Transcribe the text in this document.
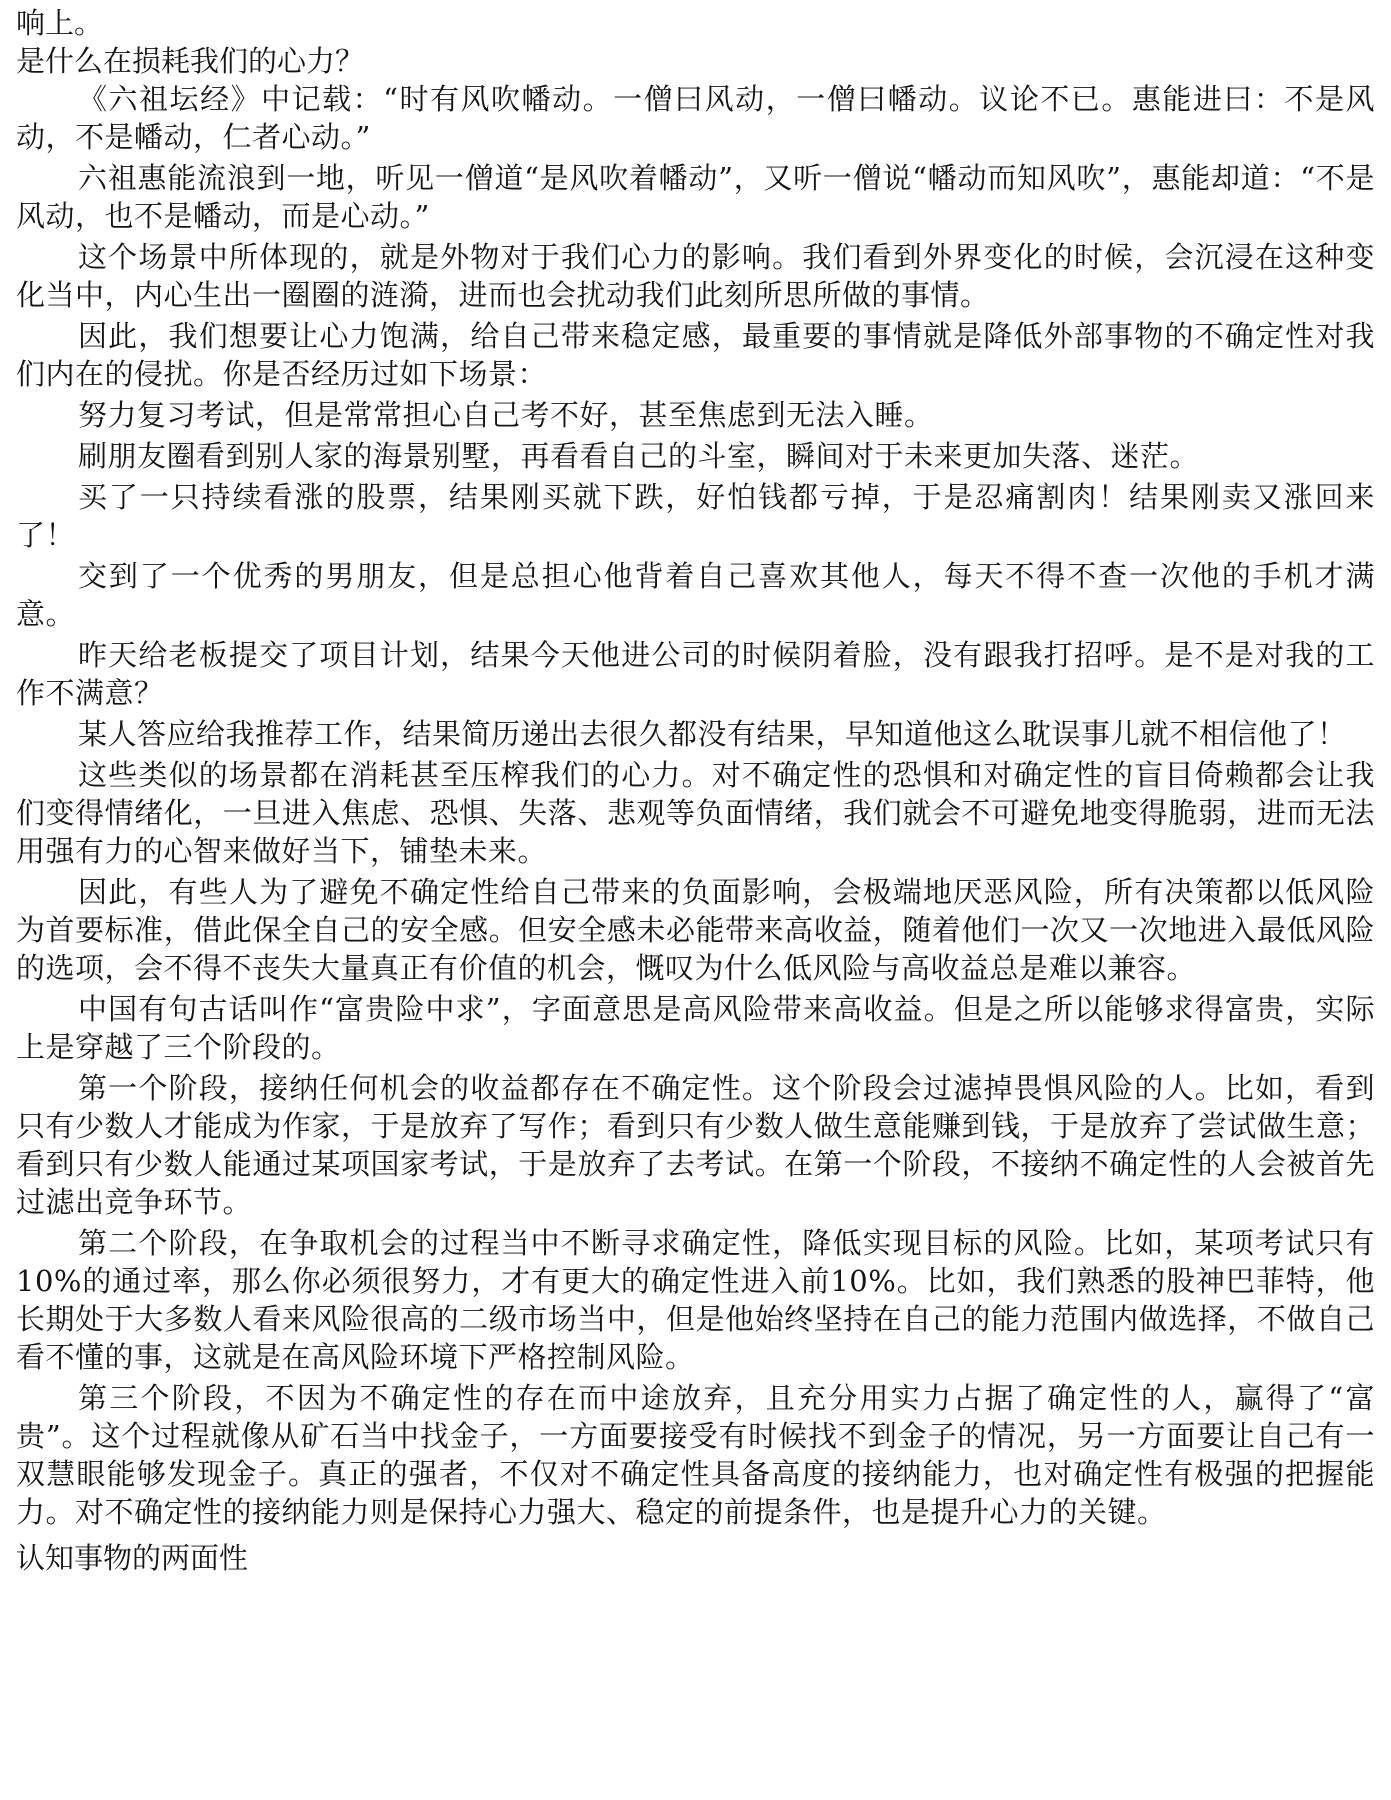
响上。

是什么在损耗我们的心力？

《六祖坛经》中记载：“时有风吹幡动。一僧曰风动，一僧曰幡动。议论不已。惠能进曰：不是风动，不是幡动，仁者心动。”

六祖惠能流浪到一地，听见一僧道“是风吹着幡动”，又听一僧说“幡动而知风吹”，惠能却道：“不是风动，也不是幡动，而是心动。”

这个场景中所体现的，就是外物对于我们心力的影响。我们看到外界变化的时候，会沉浸在这种变化当中，内心生出一圈圈的涟漪，进而也会扰动我们此刻所思所做的事情。

因此，我们想要让心力饱满，给自己带来稳定感，最重要的事情就是降低外部事物的不确定性对我们内在的侵扰。你是否经历过如下场景：

努力复习考试，但是常常担心自己考不好，甚至焦虑到无法入睡。

刷朋友圈看到别人家的海景别墅，再看看自己的斗室，瞬间对于未来更加失落、迷茫。

买了一只持续看涨的股票，结果刚买就下跌，好怕钱都亏掉，于是忍痛割肉！结果刚卖又涨回来了！

交到了一个优秀的男朋友，但是总担心他背着自己喜欢其他人，每天不得不查一次他的手机才满意。

昨天给老板提交了项目计划，结果今天他进公司的时候阴着脸，没有跟我打招呼。是不是对我的工作不满意？

某人答应给我推荐工作，结果简历递出去很久都没有结果，早知道他这么耽误事儿就不相信他了！

这些类似的场景都在消耗甚至压榨我们的心力。对不确定性的恐惧和对确定性的盲目倚赖都会让我们变得情绪化，一旦进入焦虑、恐惧、失落、悲观等负面情绪，我们就会不可避免地变得脆弱，进而无法用强有力的心智来做好当下，铺垫未来。

因此，有些人为了避免不确定性给自己带来的负面影响，会极端地厌恶风险，所有决策都以低风险为首要标准，借此保全自己的安全感。但安全感未必能带来高收益，随着他们一次又一次地进入最低风险的选项，会不得不丧失大量真正有价值的机会，慨叹为什么低风险与高收益总是难以兼容。

中国有句古话叫作“富贵险中求”，字面意思是高风险带来高收益。但是之所以能够求得富贵，实际上是穿越了三个阶段的。

第一个阶段，接纳任何机会的收益都存在不确定性。这个阶段会过滤掉畏惧风险的人。比如，看到只有少数人才能成为作家，于是放弃了写作；看到只有少数人做生意能赚到钱，于是放弃了尝试做生意；看到只有少数人能通过某项国家考试，于是放弃了去考试。在第一个阶段，不接纳不确定性的人会被首先过滤出竞争环节。

第二个阶段，在争取机会的过程当中不断寻求确定性，降低实现目标的风险。比如，某项考试只有10%的通过率，那么你必须很努力，才有更大的确定性进入前10%。比如，我们熟悉的股神巴菲特，他长期处于大多数人看来风险很高的二级市场当中，但是他始终坚持在自己的能力范围内做选择，不做自己看不懂的事，这就是在高风险环境下严格控制风险。

第三个阶段，不因为不确定性的存在而中途放弃，且充分用实力占据了确定性的人，赢得了“富贵”。这个过程就像从矿石当中找金子，一方面要接受有时候找不到金子的情况，另一方面要让自己有一双慧眼能够发现金子。真正的强者，不仅对不确定性具备高度的接纳能力，也对确定性有极强的把握能力。对不确定性的接纳能力则是保持心力强大、稳定的前提条件，也是提升心力的关键。

认知事物的两面性
